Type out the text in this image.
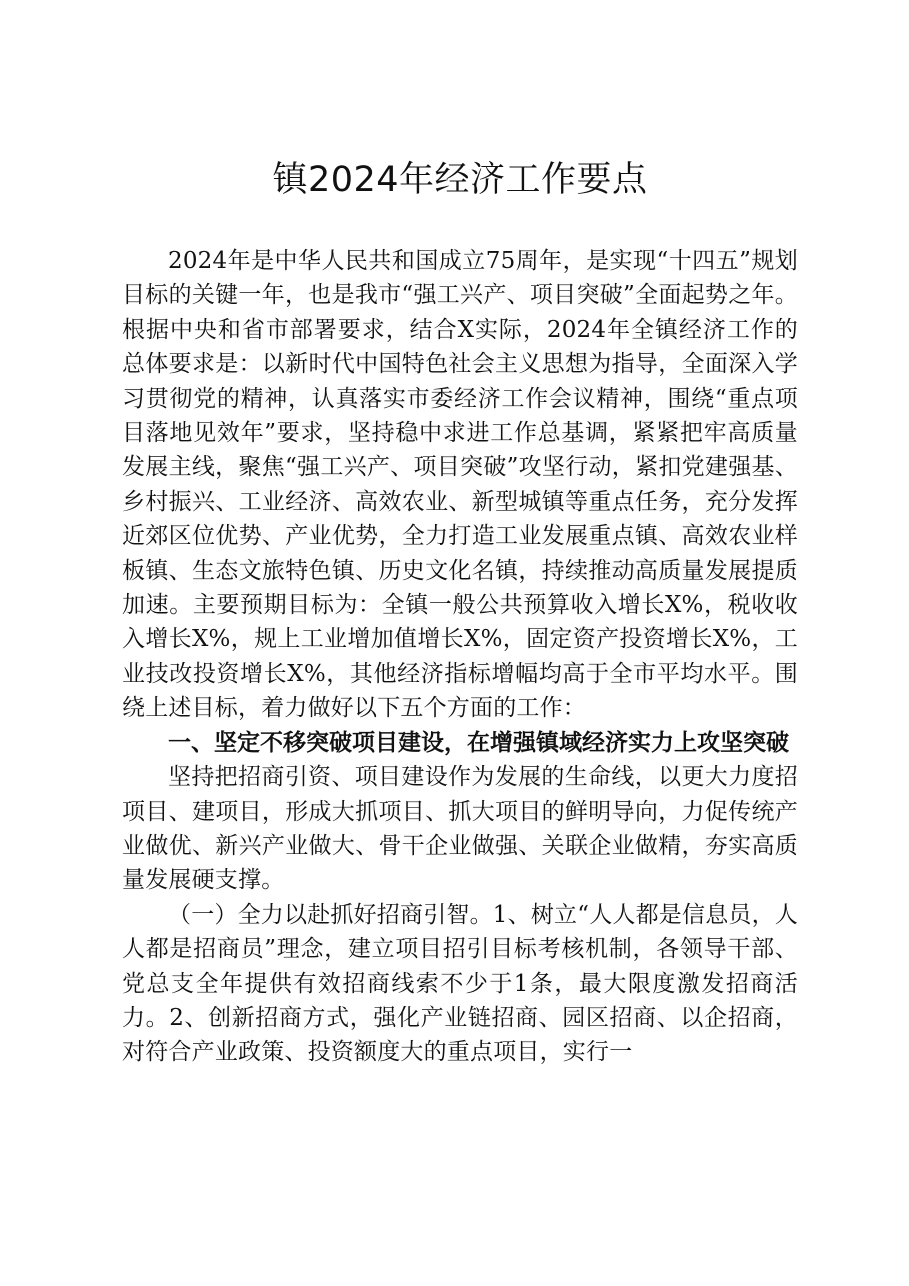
镇2024年经济工作要点

2024年是中华人民共和国成立75周年，是实现“十四五”规划目标的关键一年，也是我市“强工兴产、项目突破”全面起势之年。根据中央和省市部署要求，结合X实际，2024年全镇经济工作的总体要求是：以新时代中国特色社会主义思想为指导，全面深入学习贯彻党的精神，认真落实市委经济工作会议精神，围绕“重点项目落地见效年”要求，坚持稳中求进工作总基调，紧紧把牢高质量发展主线，聚焦“强工兴产、项目突破”攻坚行动，紧扣党建强基、乡村振兴、工业经济、高效农业、新型城镇等重点任务，充分发挥近郊区位优势、产业优势，全力打造工业发展重点镇、高效农业样板镇、生态文旅特色镇、历史文化名镇，持续推动高质量发展提质加速。主要预期目标为：全镇一般公共预算收入增长X%，税收收入增长X%，规上工业增加值增长X%，固定资产投资增长X%，工业技改投资增长X%，其他经济指标增幅均高于全市平均水平。围绕上述目标，着力做好以下五个方面的工作：

一、坚定不移突破项目建设，在增强镇域经济实力上攻坚突破

坚持把招商引资、项目建设作为发展的生命线，以更大力度招项目、建项目，形成大抓项目、抓大项目的鲜明导向，力促传统产业做优、新兴产业做大、骨干企业做强、关联企业做精，夯实高质量发展硬支撑。

（一）全力以赴抓好招商引智。1、树立“人人都是信息员，人人都是招商员”理念，建立项目招引目标考核机制，各领导干部、党总支全年提供有效招商线索不少于1条，最大限度激发招商活力。2、创新招商方式，强化产业链招商、园区招商、以企招商，对符合产业政策、投资额度大的重点项目，实行一
